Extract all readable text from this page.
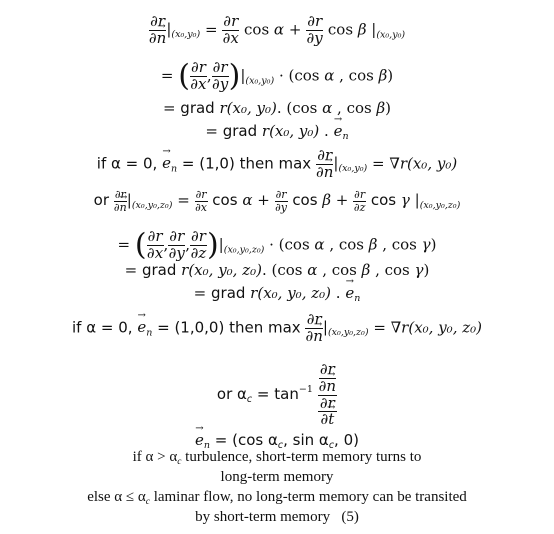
$\frac{\partial r}{\partial\to n} |_{(x_0,y_0)} = \frac{\partial r}{\partial x}$ $\cos \alpha + \frac{\partial r}{\partial y}$ cos β $|_{(x_0,y_0)}$
= ( $\frac{\partial r}{\partial x}$ , $\frac{\partial r}{\partial y} )|_{(x_0,y_0)} \cdot (\cos$ α , cos β)
= grad r(x₀, y₀). (cos α , cos β)
= grad r(x₀, y₀) . → $e_n$
if α = 0, → $e_n = (1,0)$ then $\max \frac{\partial r}{\partial\to n} |_{(x_0,y_0)} = \nabla r(x_0$, y₀)
or $\frac{\partial r}{\partial\to n} |_{(x_0,y_0,z_0)} = \frac{\partial r}{\partial x}$ $\cos \alpha + \frac{\partial r}{\partial y}$ $\cos \beta + \frac{\partial r}{\partial z}$ cos γ $|_{(x_0,y_0,z_0)}$
= ( $\frac{\partial r}{\partial x}$ , $\frac{\partial r}{\partial y}$ , $\frac{\partial r}{\partial z} )|_{(x_0,y_0,z_0)} \cdot (\cos$ α , cos β , cos γ)
= grad r(x₀, y₀, z₀). (cos α , cos β , cos γ)
= grad r(x₀, y₀, z₀) . → $e_n$
if α = 0, → $e_n = (1,0,0)$ then $\max \frac{\partial r}{\partial\to n} |_{(x_0,y_0,z_0)} = \nabla r(x_0$, y₀, z₀)
or $\alpha_c = \tan^{-1} \partial r$
∂→ n
∂r
∂→ t
→ $e_n = (\cos$ $\alpha_c$, $\sin \alpha_c$, 0)
if $\alpha > \alpha_c$ turbulence, short-term memory turns to
long-term memory
else $\alpha \le \alpha_c$ laminar flow, no long-term memory can be transited
by short-term memory (5)
